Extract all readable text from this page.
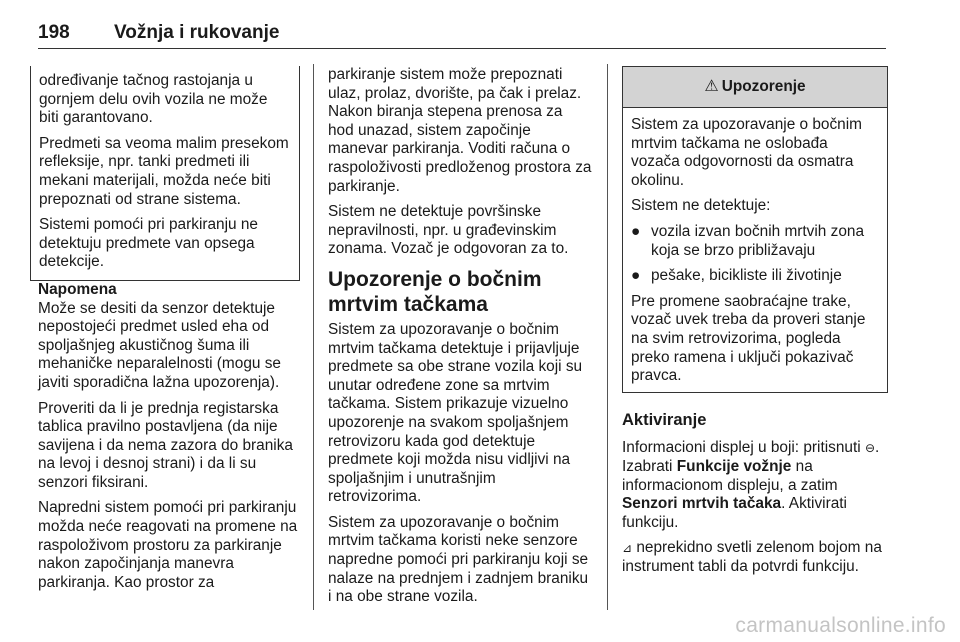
198 Vožnja i rukovanje

određivanje tačnog rastojanja u gornjem delu ovih vozila ne može biti garantovano.

Predmeti sa veoma malim presekom refleksije, npr. tanki predmeti ili mekani materijali, možda neće biti prepoznati od strane sistema.

Sistemi pomoći pri parkiranju ne detektuju predmete van opsega detekcije.

Napomena

Može se desiti da senzor detektuje nepostojeći predmet usled eha od spoljašnjeg akustičnog šuma ili mehaničke neparalelnosti (mogu se javiti sporadična lažna upozorenja).

Proveriti da li je prednja registarska tablica pravilno postavljena (da nije savijena i da nema zazora do branika na levoj i desnoj strani) i da li su senzori fiksirani.

Napredni sistem pomoći pri parkiranju možda neće reagovati na promene na raspoloživom prostoru za parkiranje nakon započinjanja manevra parkiranja. Kao prostor za

parkiranje sistem može prepoznati ulaz, prolaz, dvorište, pa čak i prelaz. Nakon biranja stepena prenosa za hod unazad, sistem započinje manevar parkiranja. Voditi računa o raspoloživosti predloženog prostora za parkiranje.

Sistem ne detektuje površinske nepravilnosti, npr. u građevinskim zonama. Vozač je odgovoran za to.

Upozorenje o bočnim mrtvim tačkama

Sistem za upozoravanje o bočnim mrtvim tačkama detektuje i prijavljuje predmete sa obe strane vozila koji su unutar određene zone sa mrtvim tačkama. Sistem prikazuje vizuelno upozorenje na svakom spoljašnjem retrovizoru kada god detektuje predmete koji možda nisu vidljivi na spoljašnjim i unutrašnjim retrovizorima.

Sistem za upozoravanje o bočnim mrtvim tačkama koristi neke senzore napredne pomoći pri parkiranju koji se nalaze na prednjem i zadnjem braniku i na obe strane vozila.

⚠ Upozorenje

Sistem za upozoravanje o bočnim mrtvim tačkama ne oslobađa vozača odgovornosti da osmatra okolinu.

Sistem ne detektuje:

● vozila izvan bočnih mrtvih zona koja se brzo približavaju
● pešake, bicikliste ili životinje

Pre promene saobraćajne trake, vozač uvek treba da proveri stanje na svim retrovizorima, pogleda preko ramena i uključi pokazivač pravca.

Aktiviranje

Informacioni displej u boji: pritisnuti ⊖. Izabrati Funkcije vožnje na informacionom displeju, a zatim Senzori mrtvih tačaka. Aktivirati funkciju.

⊿ neprekidno svetli zelenom bojom na instrument tabli da potvrdi funkciju.

carmanualsonline.info
